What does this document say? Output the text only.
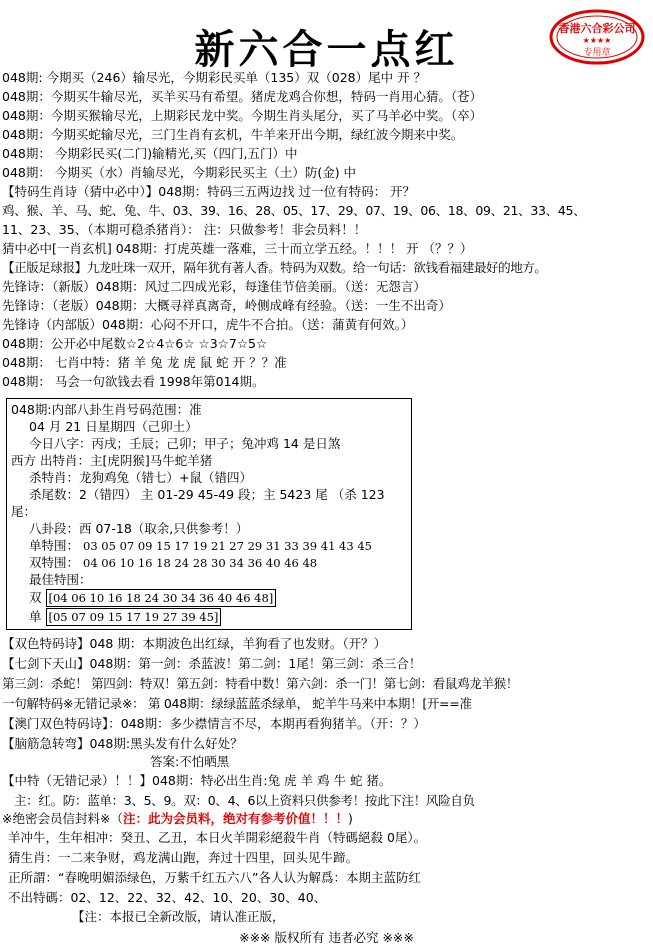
香港六合彩公司
★★★★
专用章
新六合一点红
048期: 今期买（246）输尽光，今期彩民买单（135）双（028）尾中 开 ？
048期：今期买牛输尽光，买羊买马有希望。猪虎龙鸡合你想，特码一肖用心猜。（苍）
048期：今期买猴输尽光，上期彩民龙中奖。今期生肖头尾分，买了马羊必中奖。（卒）
048期：今期买蛇输尽光，三门生肖有玄机，牛羊来开出今期，绿红波今期来中奖。
048期： 今期彩民买(二门)输精光,买（四门,五门）中
048期： 今期买（水）肖输尽光，今期彩民买主（土）防(金) 中
【特码生肖诗（猜中必中）】048期：特码三五两边找 过一位有特码： 开？
鸡、猴、羊、马、蛇、兔、牛、03、39、16、28、05、17、29、07、19、06、18、09、21、33、45、
11、23、35、（本期可稳杀猪肖）： 注：只做参考！非会员料！！
猜中必中[一肖玄机] 048期：打虎英雄一落难，三十而立学五经。！！！ 开 （？？）
【正版足球报】九龙吐珠一双开，隔年犹有著人香。特码为双数。给一句话：欲钱看福建最好的地方。
先锋诗：（新版）048期：风过二四成光彩，每逢佳节倍美丽。（送：无怨言）
先锋诗：（老版）048期：大概寻祥真离奇，岭侧成峰有经验。（送：一生不出奇）
先锋诗（内部版）048期：心闷不开口，虎牛不合拍。（送：蒲黄有何效。）
048期：公开必中尾数☆2☆4☆6☆ ☆3☆7☆5☆
048期： 七肖中特：猪 羊 兔 龙 虎 鼠 蛇 开 ？？准
048期： 马会一句欲钱去看 1998年第014期。
048期:内部八卦生肖号码范围：准
04 月 21 日星期四（己卯土）
今日八字：丙戌；壬辰；己卯；甲子；兔冲鸡 14 是日煞
西方 出特肖：主[虎阴猴]马牛蛇羊猪
杀特肖：龙狗鸡兔（错七）+鼠（错四）
杀尾数：2（错四） 主 01-29 45-49 段；主 5423 尾 （杀 123
尾：
八卦段：西 07-18（取余,只供参考！）
单特围： 03 05 07 09 15 17 19 21 27 29 31 33 39 41 43 45
双特围： 04 06 10 16 18 24 28 30 34 36 40 46 48
最佳特围：
双 [04 06 10 16 18 24 30 34 36 40 46 48]
单 [05 07 09 15 17 19 27 39 45]
【双色特码诗】048 期：本期波色出红绿，羊狗看了也发财。（开？）
【七剑下天山】048期：第一剑：杀蓝波！第二剑：1尾！第三剑：杀三合！
第三剑：杀蛇！ 第四剑：特双！第五剑：特看中数！第六剑：杀一门！第七剑：看鼠鸡龙羊猴！
一句解特码※无错记录※： 第 048期：绿绿蓝蓝杀绿单， 蛇羊牛马来中本期！[开==准
【澳门双色特码诗】：048期：多少襟情言不尽，本期再看狗猪羊。（开：？）
【脑筋急转弯】048期:黑头发有什么好处？
答案:不怕晒黑
【中特（无错记录）！！】048期：特必出生肖:兔 虎 羊 鸡 牛 蛇 猪。
主：红。防：蓝单：3、5、9。双：0、4、6以上资料只供参考！按此下注！风险自负
※绝密会员信封料※（注：此为会员料，绝对有参考价值！！！)
羊冲牛，生年相冲：癸丑、乙丑，本日火羊開彩絕殺牛肖（特碼絕殺 0尾）。
猜生肖：一二来争财，鸡龙满山跑，奔过十四里，回头见牛蹄。
正所謂：“春晚明媚添绿色，万紫千红五六八”各人认为解爲：本期主蓝防红
不出特碼：02、12、22、32、42、10、20、30、40、
【注：本报已全新改版，请认准正版，
※※※ 版权所有 违者必究 ※※※
